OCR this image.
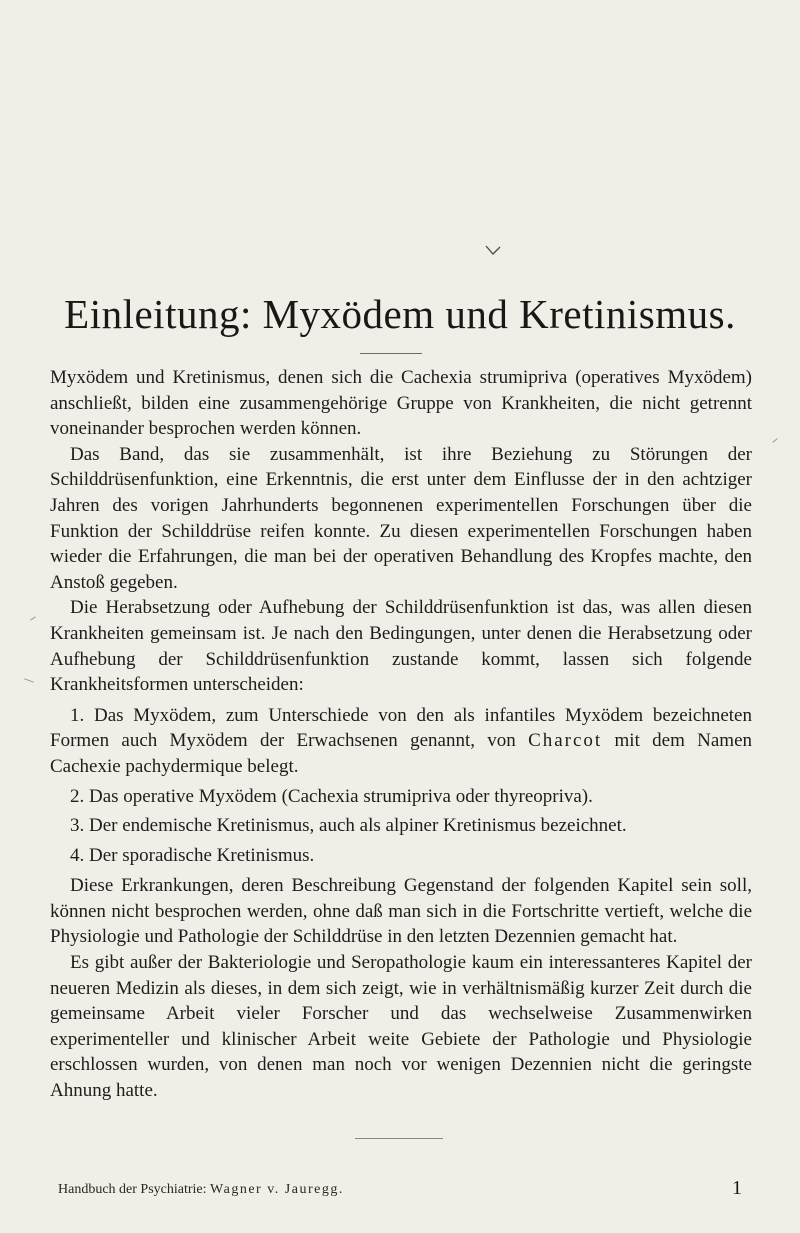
Einleitung: Myxödem und Kretinismus.

Myxödem und Kretinismus, denen sich die Cachexia strumipriva (operatives Myxödem) anschließt, bilden eine zusammengehörige Gruppe von Krankheiten, die nicht getrennt voneinander besprochen werden können.

Das Band, das sie zusammenhält, ist ihre Beziehung zu Störungen der Schilddrüsenfunktion, eine Erkenntnis, die erst unter dem Einflusse der in den achtziger Jahren des vorigen Jahrhunderts begonnenen experimentellen Forschungen über die Funktion der Schilddrüse reifen konnte. Zu diesen experimentellen Forschungen haben wieder die Erfahrungen, die man bei der operativen Behandlung des Kropfes machte, den Anstoß gegeben.

Die Herabsetzung oder Aufhebung der Schilddrüsenfunktion ist das, was allen diesen Krankheiten gemeinsam ist. Je nach den Bedingungen, unter denen die Herabsetzung oder Aufhebung der Schilddrüsenfunktion zustande kommt, lassen sich folgende Krankheitsformen unterscheiden:

1. Das Myxödem, zum Unterschiede von den als infantiles Myxödem bezeichneten Formen auch Myxödem der Erwachsenen genannt, von Charcot mit dem Namen Cachexie pachydermique belegt.

2. Das operative Myxödem (Cachexia strumipriva oder thyreopriva).

3. Der endemische Kretinismus, auch als alpiner Kretinismus bezeichnet.

4. Der sporadische Kretinismus.

Diese Erkrankungen, deren Beschreibung Gegenstand der folgenden Kapitel sein soll, können nicht besprochen werden, ohne daß man sich in die Fortschritte vertieft, welche die Physiologie und Pathologie der Schilddrüse in den letzten Dezennien gemacht hat.

Es gibt außer der Bakteriologie und Seropathologie kaum ein interessanteres Kapitel der neueren Medizin als dieses, in dem sich zeigt, wie in verhältnismäßig kurzer Zeit durch die gemeinsame Arbeit vieler Forscher und das wechselweise Zusammenwirken experimenteller und klinischer Arbeit weite Gebiete der Pathologie und Physiologie erschlossen wurden, von denen man noch vor wenigen Dezennien nicht die geringste Ahnung hatte.

Handbuch der Psychiatrie: Wagner v. Jauregg.	1
